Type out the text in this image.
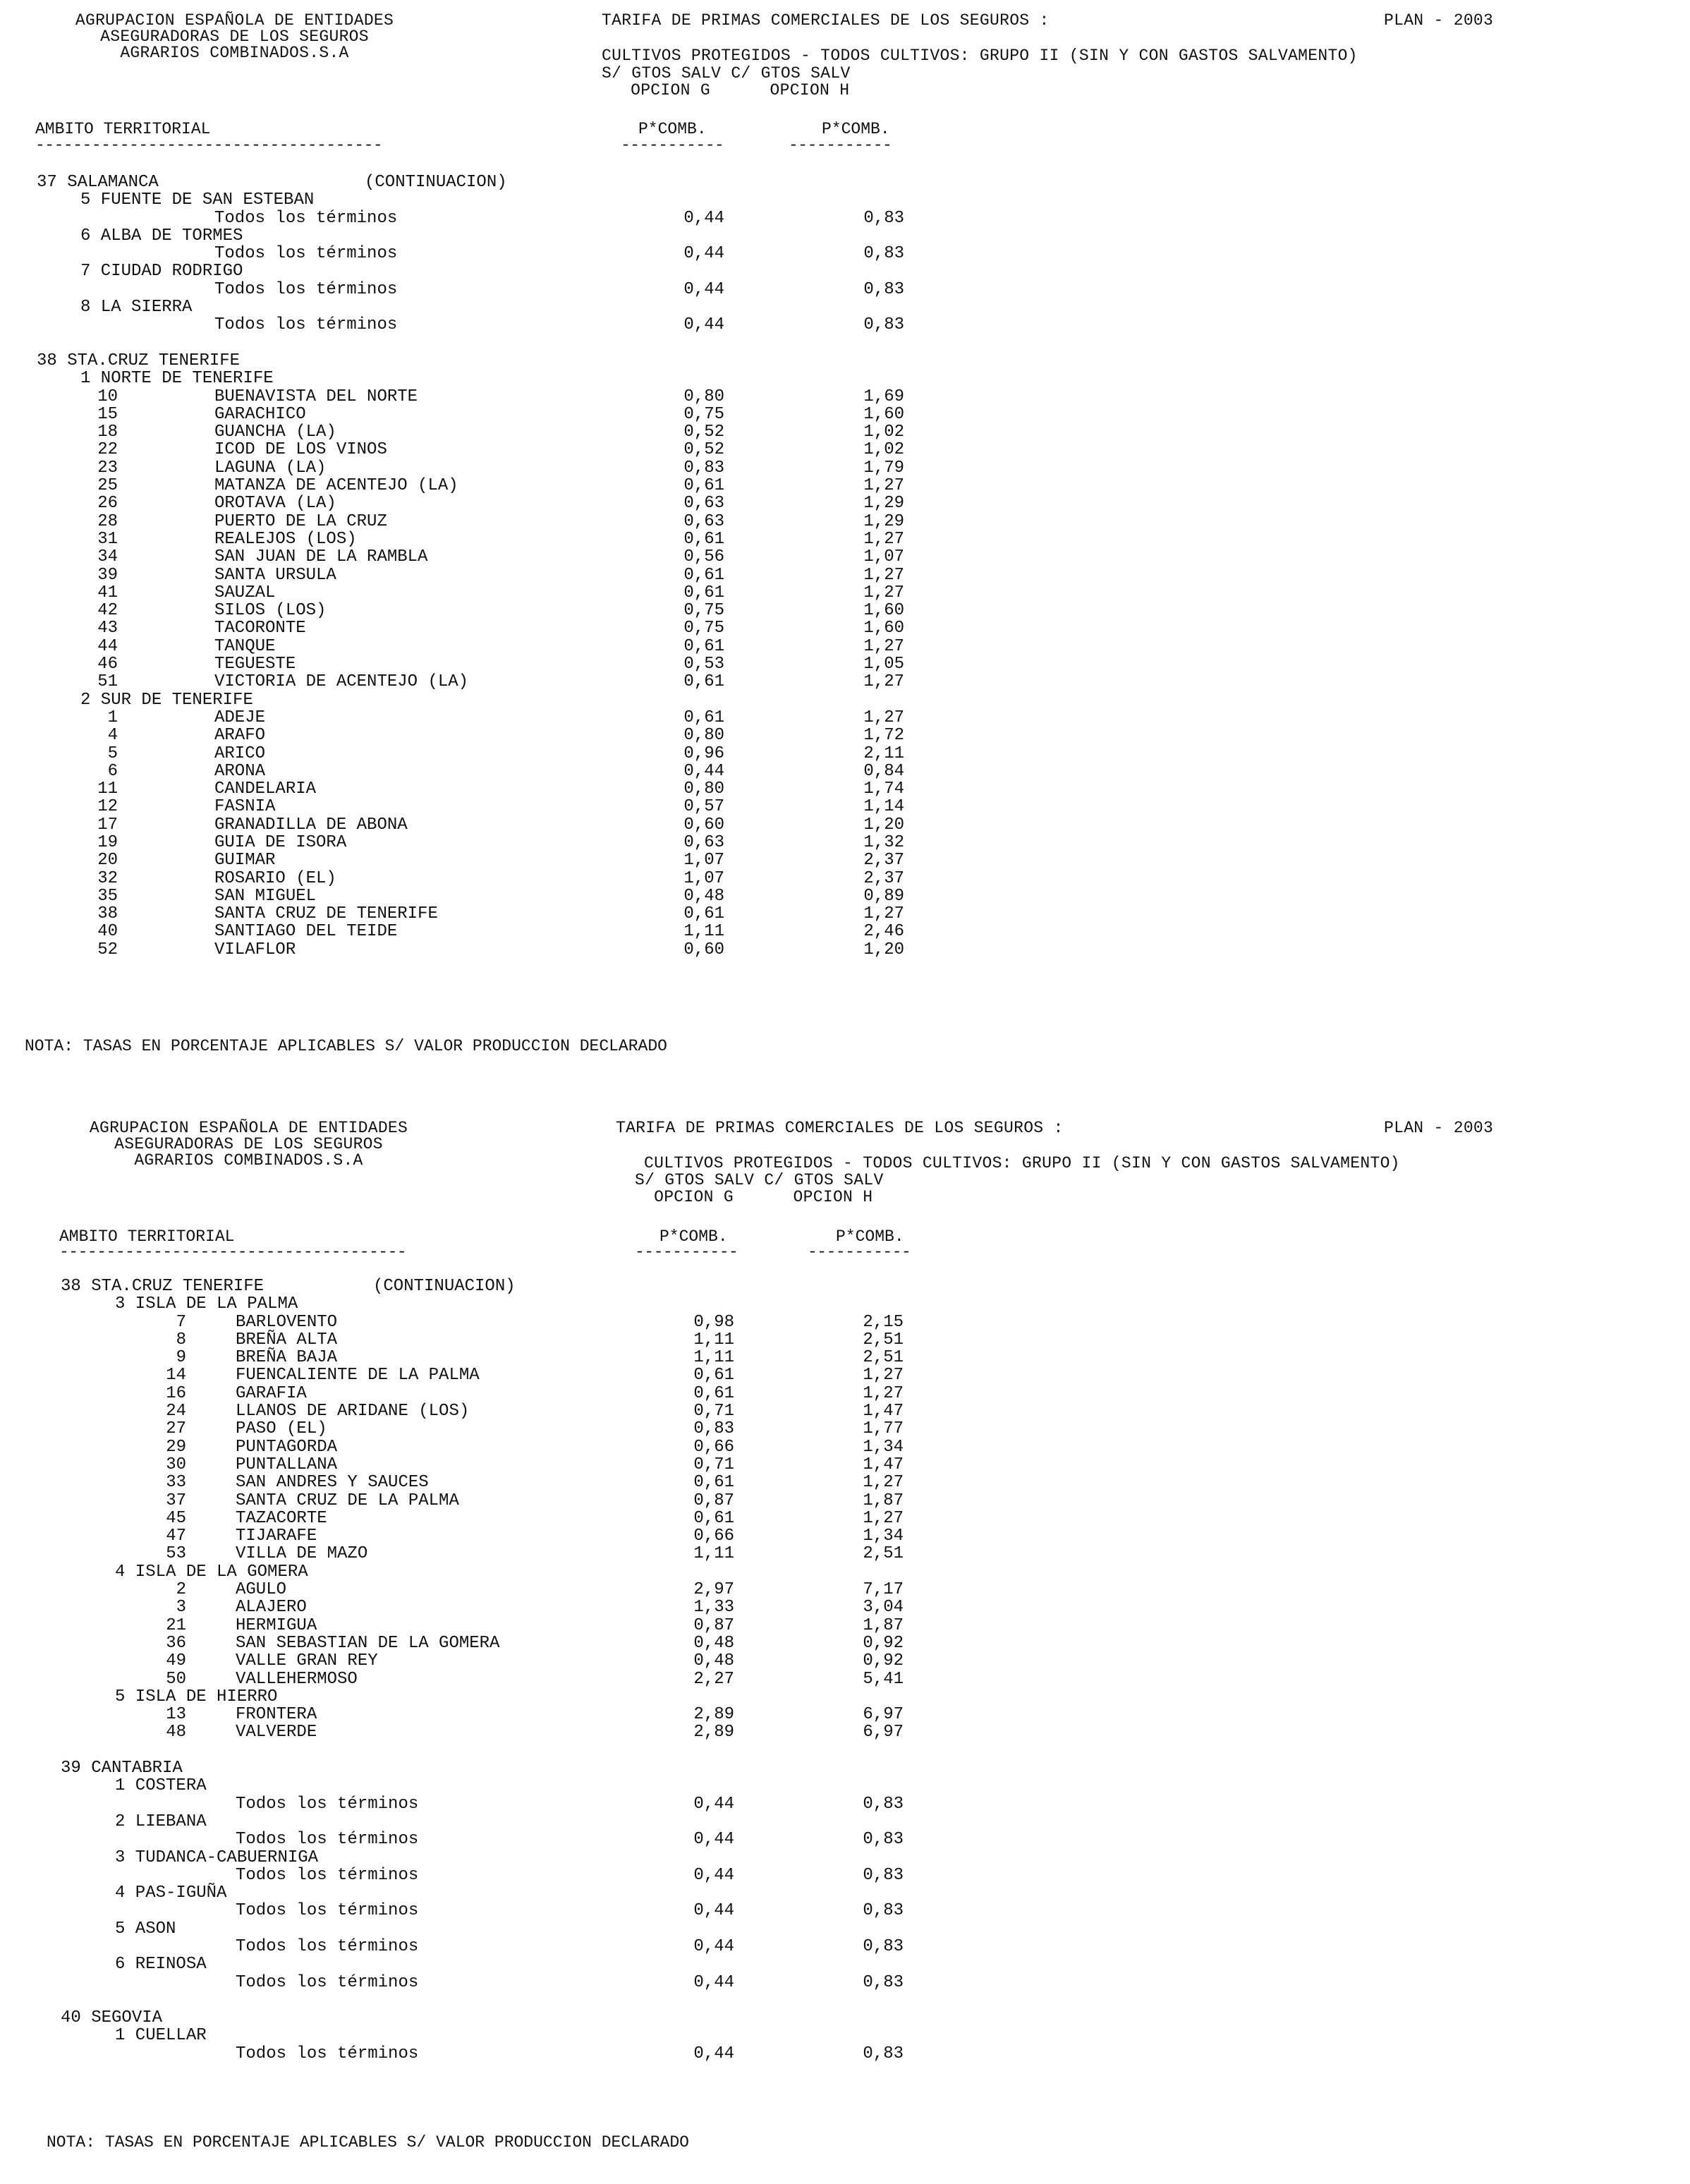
AGRUPACION ESPAÑOLA DE ENTIDADES
ASEGURADORAS DE LOS SEGUROS
AGRARIOS COMBINADOS.S.A
TARIFA DE PRIMAS COMERCIALES DE LOS SEGUROS :	PLAN - 2003
CULTIVOS PROTEGIDOS - TODOS CULTIVOS: GRUPO II (SIN Y CON GASTOS SALVAMENTO)
S/ GTOS SALV C/ GTOS SALV
OPCION G      OPCION H
AMBITO TERRITORIAL	P*COMB.	P*COMB.
-------------------------------------	-----------	-----------
37 SALAMANCA	(CONTINUACION)
5 FUENTE DE SAN ESTEBAN
Todos los términos	0,44	0,83
6 ALBA DE TORMES
Todos los términos	0,44	0,83
7 CIUDAD RODRIGO
Todos los términos	0,44	0,83
8 LA SIERRA
Todos los términos	0,44	0,83
38 STA.CRUZ TENERIFE
1 NORTE DE TENERIFE
10	BUENAVISTA DEL NORTE	0,80	1,69
15	GARACHICO	0,75	1,60
18	GUANCHA (LA)	0,52	1,02
22	ICOD DE LOS VINOS	0,52	1,02
23	LAGUNA (LA)	0,83	1,79
25	MATANZA DE ACENTEJO (LA)	0,61	1,27
26	OROTAVA (LA)	0,63	1,29
28	PUERTO DE LA CRUZ	0,63	1,29
31	REALEJOS (LOS)	0,61	1,27
34	SAN JUAN DE LA RAMBLA	0,56	1,07
39	SANTA URSULA	0,61	1,27
41	SAUZAL	0,61	1,27
42	SILOS (LOS)	0,75	1,60
43	TACORONTE	0,75	1,60
44	TANQUE	0,61	1,27
46	TEGUESTE	0,53	1,05
51	VICTORIA DE ACENTEJO (LA)	0,61	1,27
2 SUR DE TENERIFE
1	ADEJE	0,61	1,27
4	ARAFO	0,80	1,72
5	ARICO	0,96	2,11
6	ARONA	0,44	0,84
11	CANDELARIA	0,80	1,74
12	FASNIA	0,57	1,14
17	GRANADILLA DE ABONA	0,60	1,20
19	GUIA DE ISORA	0,63	1,32
20	GUIMAR	1,07	2,37
32	ROSARIO (EL)	1,07	2,37
35	SAN MIGUEL	0,48	0,89
38	SANTA CRUZ DE TENERIFE	0,61	1,27
40	SANTIAGO DEL TEIDE	1,11	2,46
52	VILAFLOR	0,60	1,20
NOTA: TASAS EN PORCENTAJE APLICABLES S/ VALOR PRODUCCION DECLARADO
AGRUPACION ESPAÑOLA DE ENTIDADES
ASEGURADORAS DE LOS SEGUROS
AGRARIOS COMBINADOS.S.A
TARIFA DE PRIMAS COMERCIALES DE LOS SEGUROS :	PLAN - 2003
CULTIVOS PROTEGIDOS - TODOS CULTIVOS: GRUPO II (SIN Y CON GASTOS SALVAMENTO)
S/ GTOS SALV C/ GTOS SALV
OPCION G      OPCION H
AMBITO TERRITORIAL	P*COMB.	P*COMB.
-------------------------------------	-----------	-----------
38 STA.CRUZ TENERIFE	(CONTINUACION)
3 ISLA DE LA PALMA
7	BARLOVENTO	0,98	2,15
8	BREÑA ALTA	1,11	2,51
9	BREÑA BAJA	1,11	2,51
14	FUENCALIENTE DE LA PALMA	0,61	1,27
16	GARAFIA	0,61	1,27
24	LLANOS DE ARIDANE (LOS)	0,71	1,47
27	PASO (EL)	0,83	1,77
29	PUNTAGORDA	0,66	1,34
30	PUNTALLANA	0,71	1,47
33	SAN ANDRES Y SAUCES	0,61	1,27
37	SANTA CRUZ DE LA PALMA	0,87	1,87
45	TAZACORTE	0,61	1,27
47	TIJARAFE	0,66	1,34
53	VILLA DE MAZO	1,11	2,51
4 ISLA DE LA GOMERA
2	AGULO	2,97	7,17
3	ALAJERO	1,33	3,04
21	HERMIGUA	0,87	1,87
36	SAN SEBASTIAN DE LA GOMERA	0,48	0,92
49	VALLE GRAN REY	0,48	0,92
50	VALLEHERMOSO	2,27	5,41
5 ISLA DE HIERRO
13	FRONTERA	2,89	6,97
48	VALVERDE	2,89	6,97
39 CANTABRIA
1 COSTERA
Todos los términos	0,44	0,83
2 LIEBANA
Todos los términos	0,44	0,83
3 TUDANCA-CABUERNIGA
Todos los términos	0,44	0,83
4 PAS-IGUÑA
Todos los términos	0,44	0,83
5 ASON
Todos los términos	0,44	0,83
6 REINOSA
Todos los términos	0,44	0,83
40 SEGOVIA
1 CUELLAR
Todos los términos	0,44	0,83
NOTA: TASAS EN PORCENTAJE APLICABLES S/ VALOR PRODUCCION DECLARADO
